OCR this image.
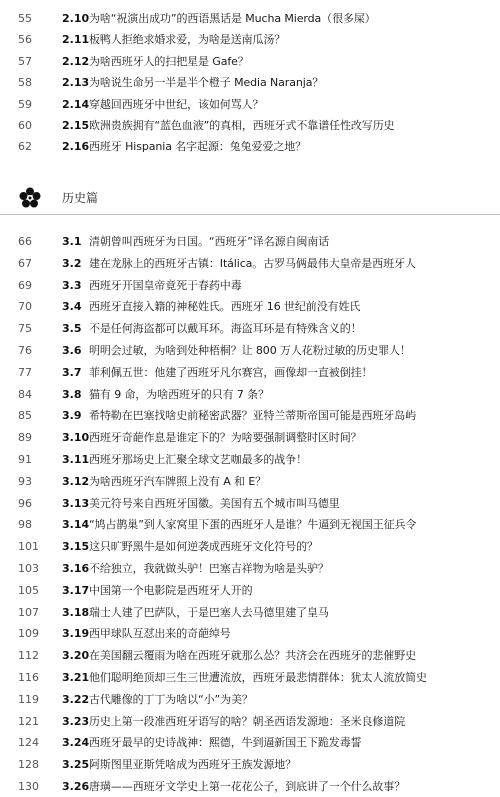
55	2.10 为啥“祝演出成功”的西语黑话是 Mucha Mierda（很多屎）
56	2.11 板鸭人拒绝求婚求爱，为啥是送南瓜汤？
57	2.12 为啥西班牙人的扫把星是 Gafe？
58	2.13 为啥说生命另一半是半个橙子 Media Naranja？
59	2.14 穿越回西班牙中世纪，该如何骂人？
60	2.15 欧洲贵族拥有“蓝色血液”的真相，西班牙式不靠谱任性改写历史
62	2.16 西班牙 Hispania 名字起源：兔兔爱爱之地？
历史篇
66	3.1 清朝曾叫西班牙为日国。“西班牙”译名源自闽南话
67	3.2 建在龙脉上的西班牙古镇：Itálica。古罗马俩最伟大皇帝是西班牙人
69	3.3 西班牙开国皇帝竟死于春药中毒
70	3.4 西班牙直接入籍的神秘姓氏。西班牙 16 世纪前没有姓氏
75	3.5 不是任何海盗都可以戴耳环。海盗耳环是有特殊含义的！
76	3.6 明明会过敏，为啥到处种梧桐？让 800 万人花粉过敏的历史罪人！
77	3.7 菲利佩五世：他建了西班牙凡尔赛宫，画像却一直被倒挂！
84	3.8 猫有 9 命，为啥西班牙的只有 7 条？
85	3.9 希特勒在巴塞找啥史前秘密武器？亚特兰蒂斯帝国可能是西班牙岛屿
89	3.10 西班牙奇葩作息是谁定下的？为啥要强制调整时区时间？
91	3.11 西班牙那场史上汇聚全球文艺咖最多的战争！
93	3.12 为啥西班牙汽车牌照上没有 A 和 E？
96	3.13 美元符号来自西班牙国徽。美国有五个城市叫马德里
98	3.14 “鸠占鹊巢”到人家窝里下蛋的西班牙人是谁？牛逼到无视国王征兵令
101	3.15 这只旷野黑牛是如何逆袭成西班牙文化符号的？
103	3.16 不给独立，我就做头驴！巴塞吉祥物为啥是头驴？
105	3.17 中国第一个电影院是西班牙人开的
107	3.18 瑞士人建了巴萨队，于是巴塞人去马德里建了皇马
109	3.19 西甲球队互怼出来的奇葩绰号
112	3.20 在美国翻云覆雨为啥在西班牙就那么怂？共济会在西班牙的悲催野史
116	3.21 他们聪明绝顶却三生三世遭流放，西班牙最悲情群体：犹太人流放简史
119	3.22 古代雕像的丁丁为啥以“小”为美？
121	3.23 历史上第一段准西班牙语写的啥？朝圣西语发源地：圣米良修道院
124	3.24 西班牙最早的史诗战神：熙德，牛到逼新国王下跪发毒誓
128	3.25 阿斯图里亚斯凭啥成为西班牙王族发源地？
130	3.26 唐璜——西班牙文学史上第一花花公子，到底讲了一个什么故事？
